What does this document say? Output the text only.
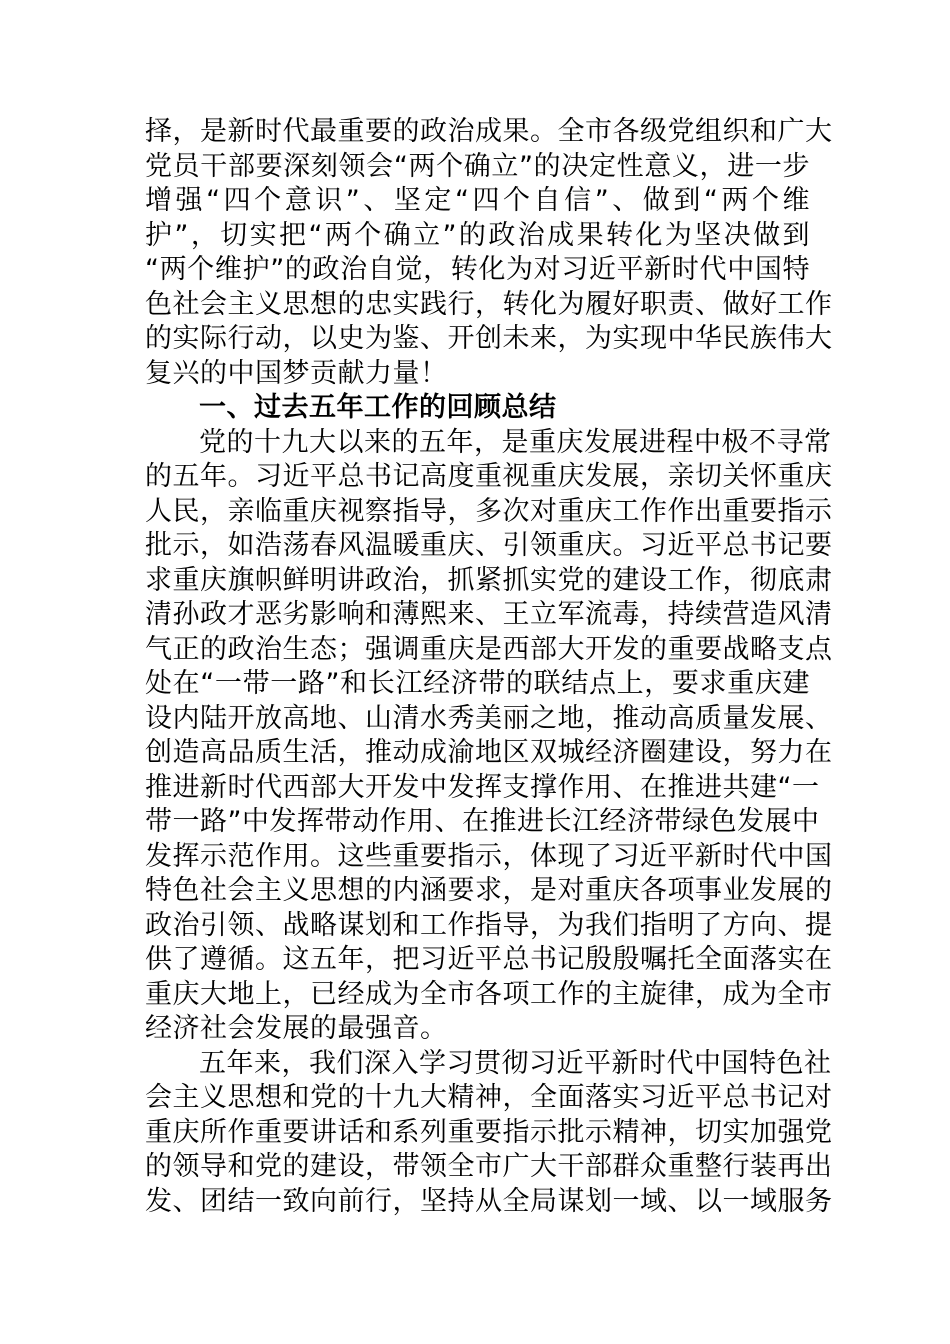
择，是新时代最重要的政治成果。全市各级党组织和广大
党员干部要深刻领会“两个确立”的决定性意义，进一步
增强“四个意识”、坚定“四个自信”、做到“两个维
护”，切实把“两个确立”的政治成果转化为坚决做到
“两个维护”的政治自觉，转化为对习近平新时代中国特
色社会主义思想的忠实践行，转化为履好职责、做好工作
的实际行动，以史为鉴、开创未来，为实现中华民族伟大
复兴的中国梦贡献力量！
一、过去五年工作的回顾总结
党的十九大以来的五年，是重庆发展进程中极不寻常
的五年。习近平总书记高度重视重庆发展，亲切关怀重庆
人民，亲临重庆视察指导，多次对重庆工作作出重要指示
批示，如浩荡春风温暖重庆、引领重庆。习近平总书记要
求重庆旗帜鲜明讲政治，抓紧抓实党的建设工作，彻底肃
清孙政才恶劣影响和薄熙来、王立军流毒，持续营造风清
气正的政治生态；强调重庆是西部大开发的重要战略支点
处在“一带一路”和长江经济带的联结点上，要求重庆建
设内陆开放高地、山清水秀美丽之地，推动高质量发展、
创造高品质生活，推动成渝地区双城经济圈建设，努力在
推进新时代西部大开发中发挥支撑作用、在推进共建“一
带一路”中发挥带动作用、在推进长江经济带绿色发展中
发挥示范作用。这些重要指示，体现了习近平新时代中国
特色社会主义思想的内涵要求，是对重庆各项事业发展的
政治引领、战略谋划和工作指导，为我们指明了方向、提
供了遵循。这五年，把习近平总书记殷殷嘱托全面落实在
重庆大地上，已经成为全市各项工作的主旋律，成为全市
经济社会发展的最强音。
五年来，我们深入学习贯彻习近平新时代中国特色社
会主义思想和党的十九大精神，全面落实习近平总书记对
重庆所作重要讲话和系列重要指示批示精神，切实加强党
的领导和党的建设，带领全市广大干部群众重整行装再出
发、团结一致向前行，坚持从全局谋划一域、以一域服务
